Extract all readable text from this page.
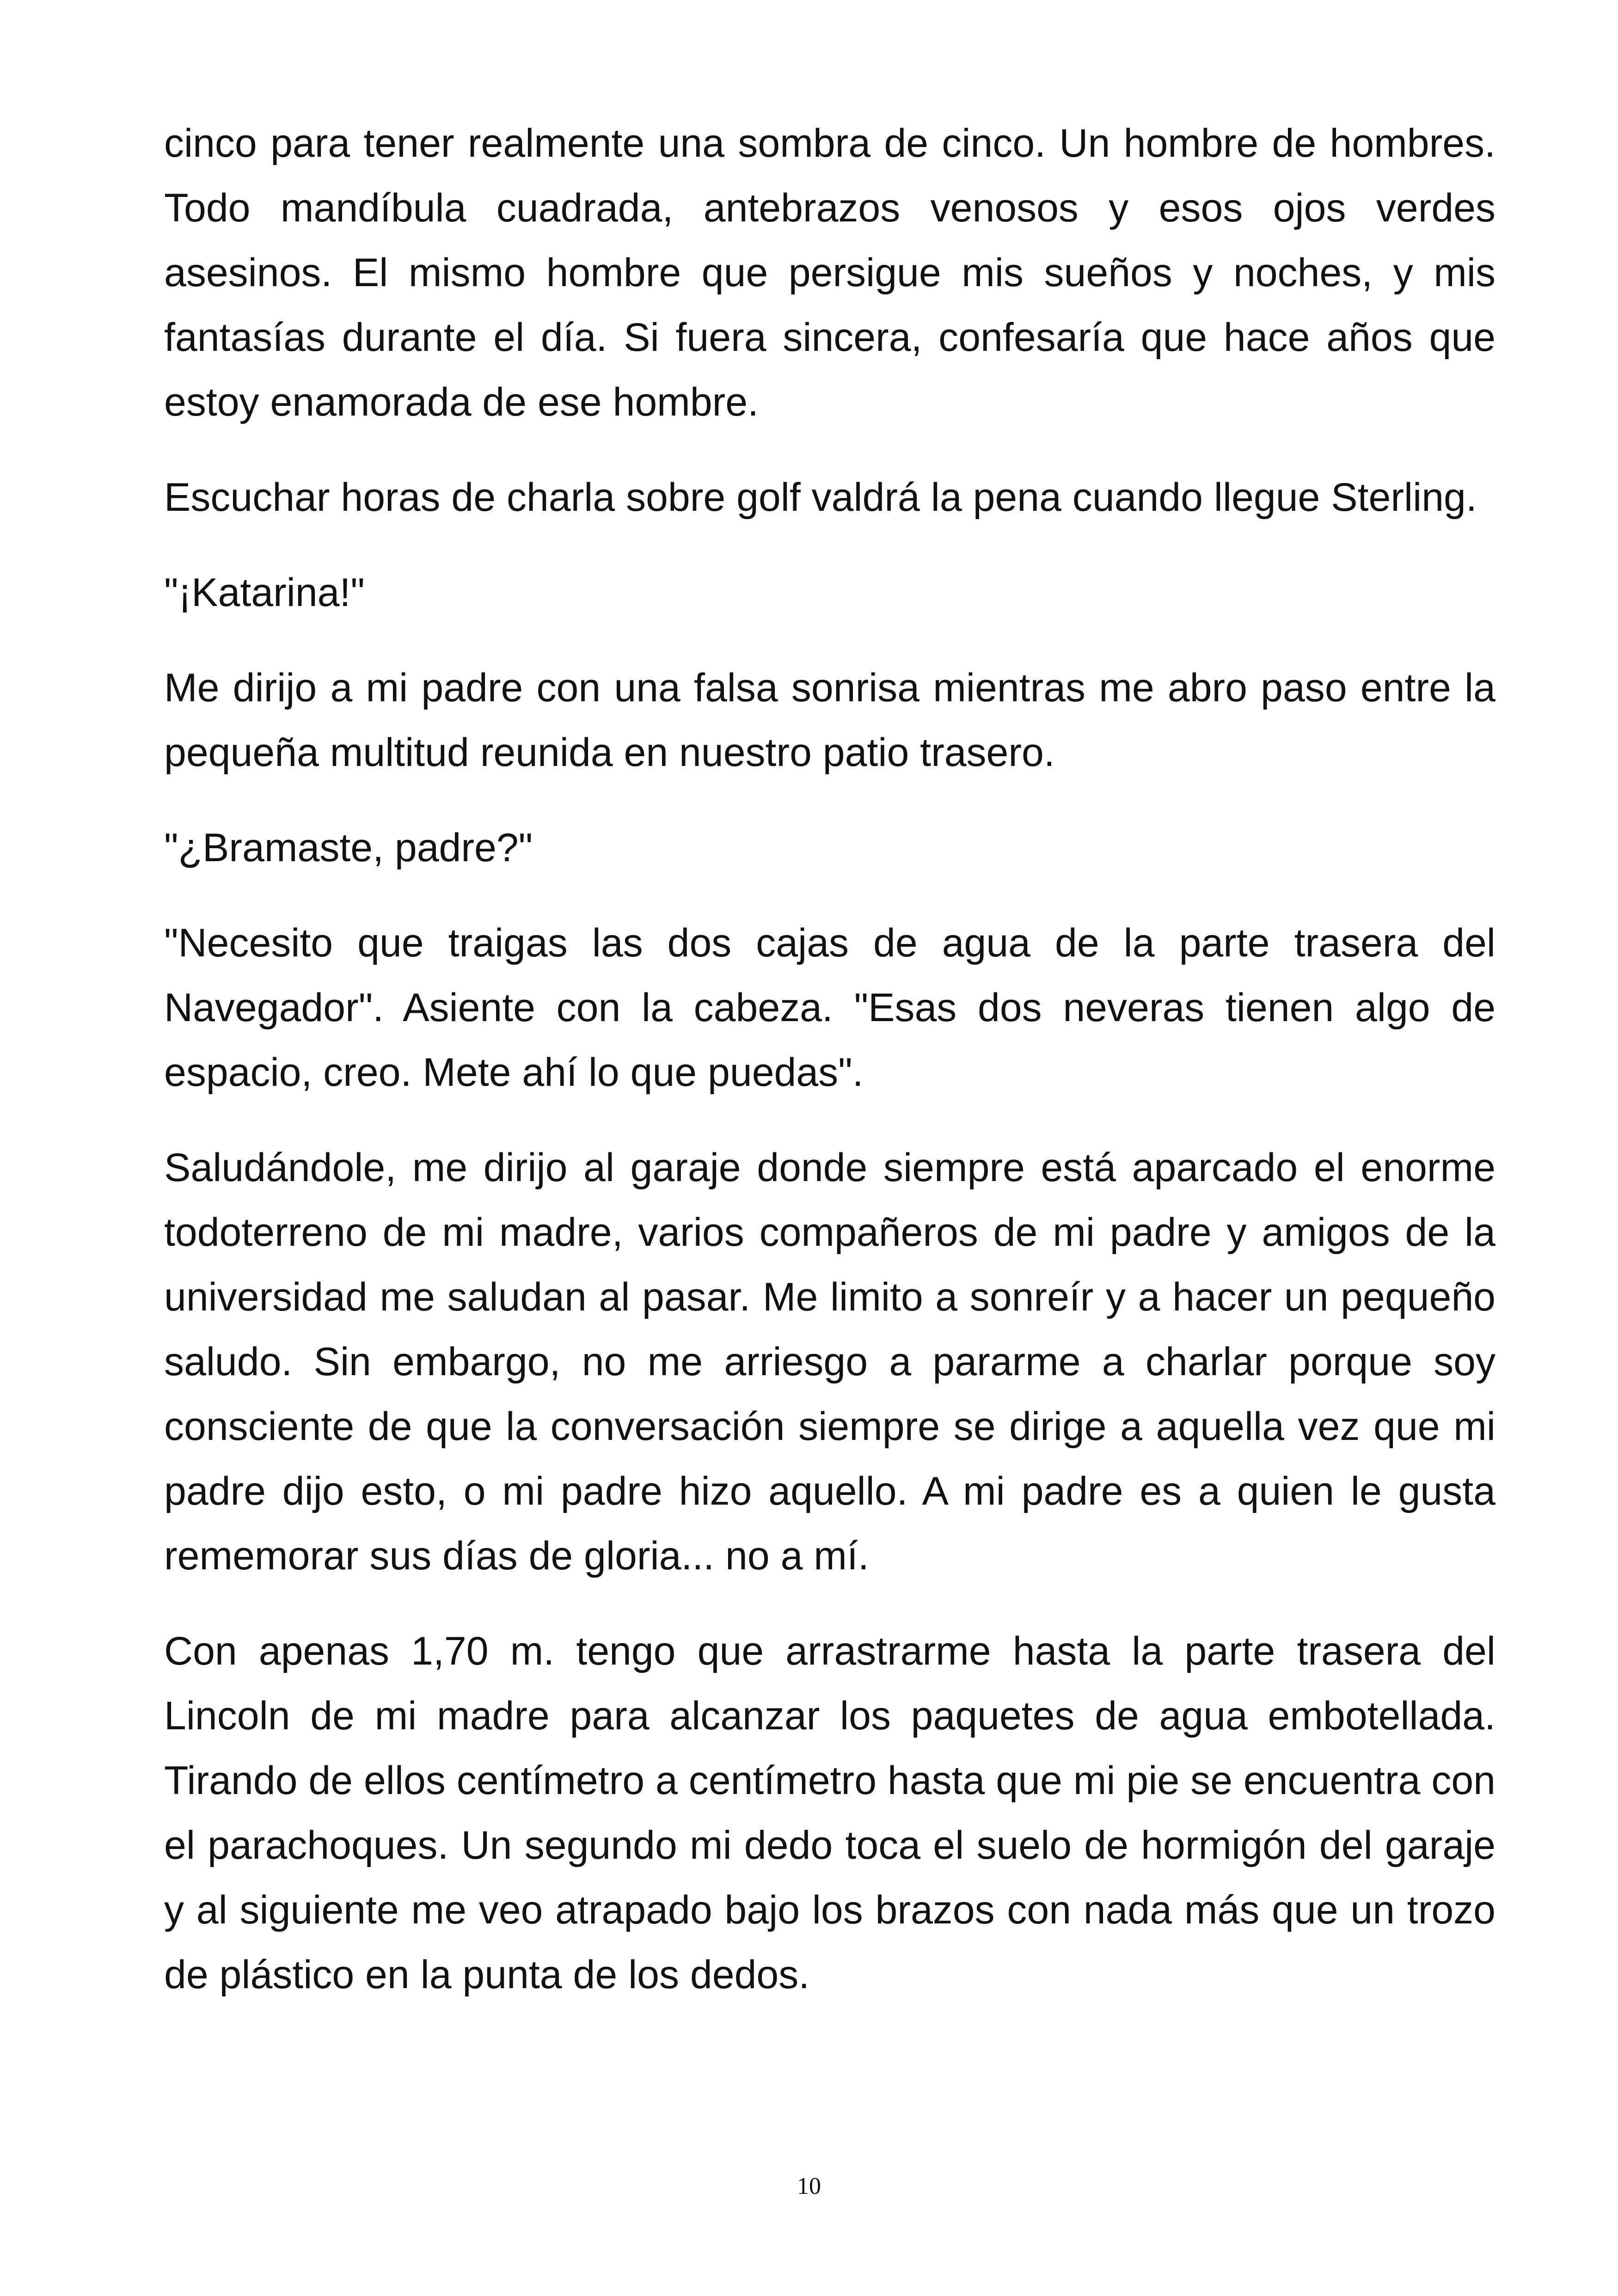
cinco para tener realmente una sombra de cinco. Un hombre de hombres. Todo mandíbula cuadrada, antebrazos venosos y esos ojos verdes asesinos. El mismo hombre que persigue mis sueños y noches, y mis fantasías durante el día. Si fuera sincera, confesaría que hace años que estoy enamorada de ese hombre.

Escuchar horas de charla sobre golf valdrá la pena cuando llegue Sterling.

"¡Katarina!"

Me dirijo a mi padre con una falsa sonrisa mientras me abro paso entre la pequeña multitud reunida en nuestro patio trasero.

"¿Bramaste, padre?"

"Necesito que traigas las dos cajas de agua de la parte trasera del Navegador". Asiente con la cabeza. "Esas dos neveras tienen algo de espacio, creo. Mete ahí lo que puedas".

Saludándole, me dirijo al garaje donde siempre está aparcado el enorme todoterreno de mi madre, varios compañeros de mi padre y amigos de la universidad me saludan al pasar. Me limito a sonreír y a hacer un pequeño saludo. Sin embargo, no me arriesgo a pararme a charlar porque soy consciente de que la conversación siempre se dirige a aquella vez que mi padre dijo esto, o mi padre hizo aquello. A mi padre es a quien le gusta rememorar sus días de gloria... no a mí.

Con apenas 1,70 m. tengo que arrastrarme hasta la parte trasera del Lincoln de mi madre para alcanzar los paquetes de agua embotellada. Tirando de ellos centímetro a centímetro hasta que mi pie se encuentra con el parachoques. Un segundo mi dedo toca el suelo de hormigón del garaje y al siguiente me veo atrapado bajo los brazos con nada más que un trozo de plástico en la punta de los dedos.

10
